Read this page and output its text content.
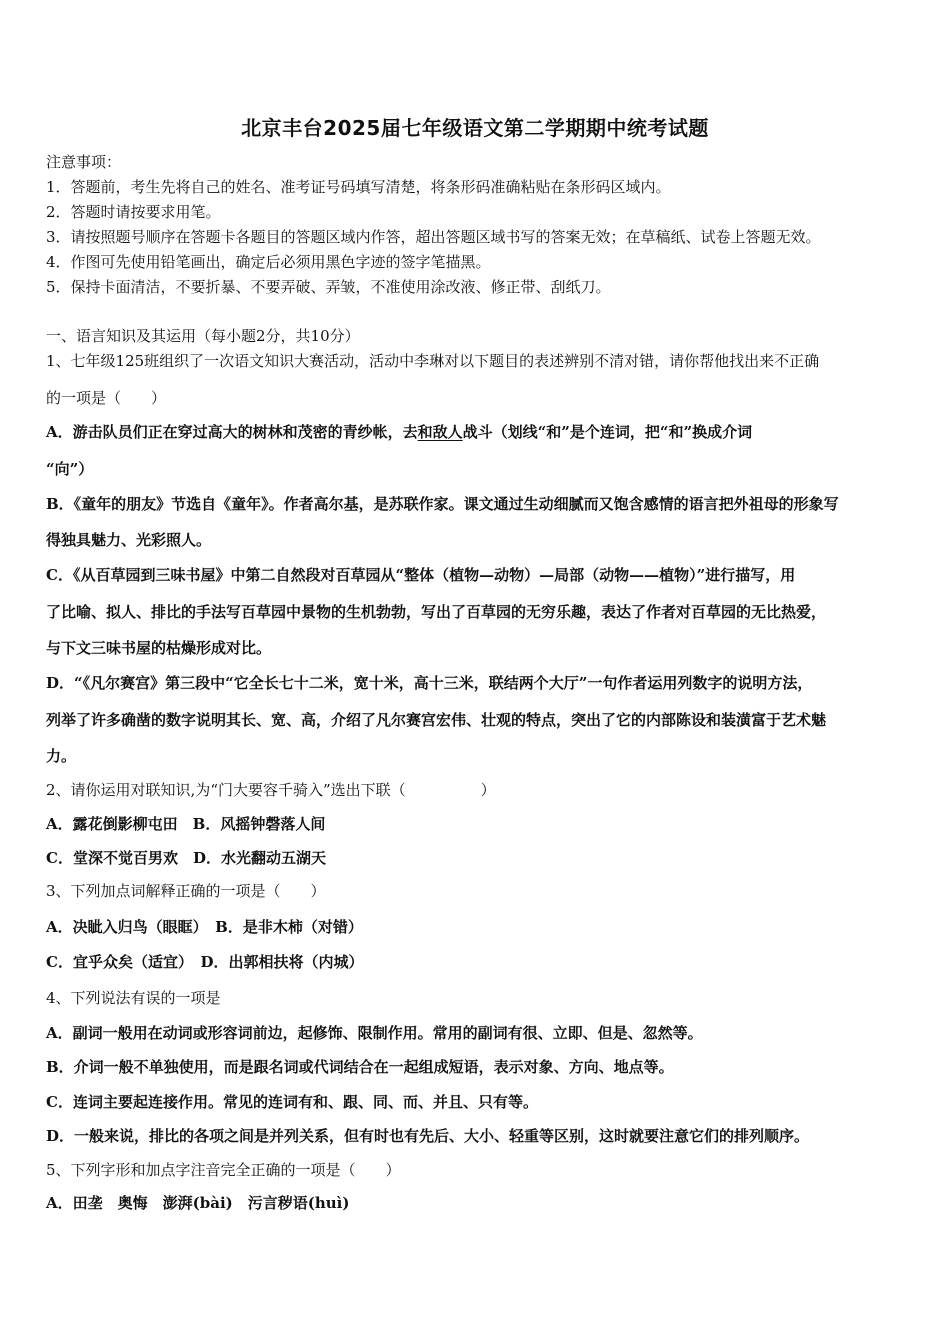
北京丰台2025届七年级语文第二学期期中统考试题
注意事项：
1．答题前，考生先将自己的姓名、准考证号码填写清楚，将条形码准确粘贴在条形码区域内。
2．答题时请按要求用笔。
3．请按照题号顺序在答题卡各题目的答题区域内作答，超出答题区域书写的答案无效；在草稿纸、试卷上答题无效。
4．作图可先使用铅笔画出，确定后必须用黑色字迹的签字笔描黑。
5．保持卡面清洁，不要折暴、不要弄破、弄皱，不准使用涂改液、修正带、刮纸刀。
一、语言知识及其运用（每小题2分，共10分）
1、七年级125班组织了一次语文知识大赛活动，活动中李琳对以下题目的表述辨别不清对错，请你帮他找出来不正确
的一项是（　　）
A．游击队员们正在穿过高大的树林和茂密的青纱帐，去和敌人战斗（划线“和”是个连词，把“和”换成介词
“向”）
B．《童年的朋友》节选自《童年》。作者高尔基，是苏联作家。课文通过生动细腻而又饱含感情的语言把外祖母的形象写
得独具魅力、光彩照人。
C．《从百草园到三味书屋》中第二自然段对百草园从“整体（植物—动物）—局部（动物——植物）”进行描写，用
了比喻、拟人、排比的手法写百草园中景物的生机勃勃，写出了百草园的无穷乐趣，表达了作者对百草园的无比热爱，
与下文三味书屋的枯燥形成对比。
D．“《凡尔赛宫》第三段中“它全长七十二米，宽十米，高十三米，联结两个大厅”一句作者运用列数字的说明方法，
列举了许多确凿的数字说明其长、宽、高，介绍了凡尔赛宫宏伟、壮观的特点，突出了它的内部陈设和装潢富于艺术魅
力。
2、请你运用对联知识,为“门大要容千骑入”选出下联（　　　　　）
A．露花倒影柳屯田　B．风摇钟磬落人间
C．堂深不觉百男欢　D．水光翻动五湖天
3、下列加点词解释正确的一项是（　　）
A．决眦入归鸟（眼眶）　B．是非木柿（对错）
C．宜乎众矣（适宜）　D．出郭相扶将（内城）
4、下列说法有误的一项是
A．副词一般用在动词或形容词前边，起修饰、限制作用。常用的副词有很、立即、但是、忽然等。
B．介词一般不单独使用，而是跟名词或代词结合在一起组成短语，表示对象、方向、地点等。
C．连词主要起连接作用。常见的连词有和、跟、同、而、并且、只有等。
D．一般来说，排比的各项之间是并列关系，但有时也有先后、大小、轻重等区别，这时就要注意它们的排列顺序。
5、下列字形和加点字注音完全正确的一项是（　　）
A．田垄　奥悔　澎湃(bài)　污言秽语(huì)
